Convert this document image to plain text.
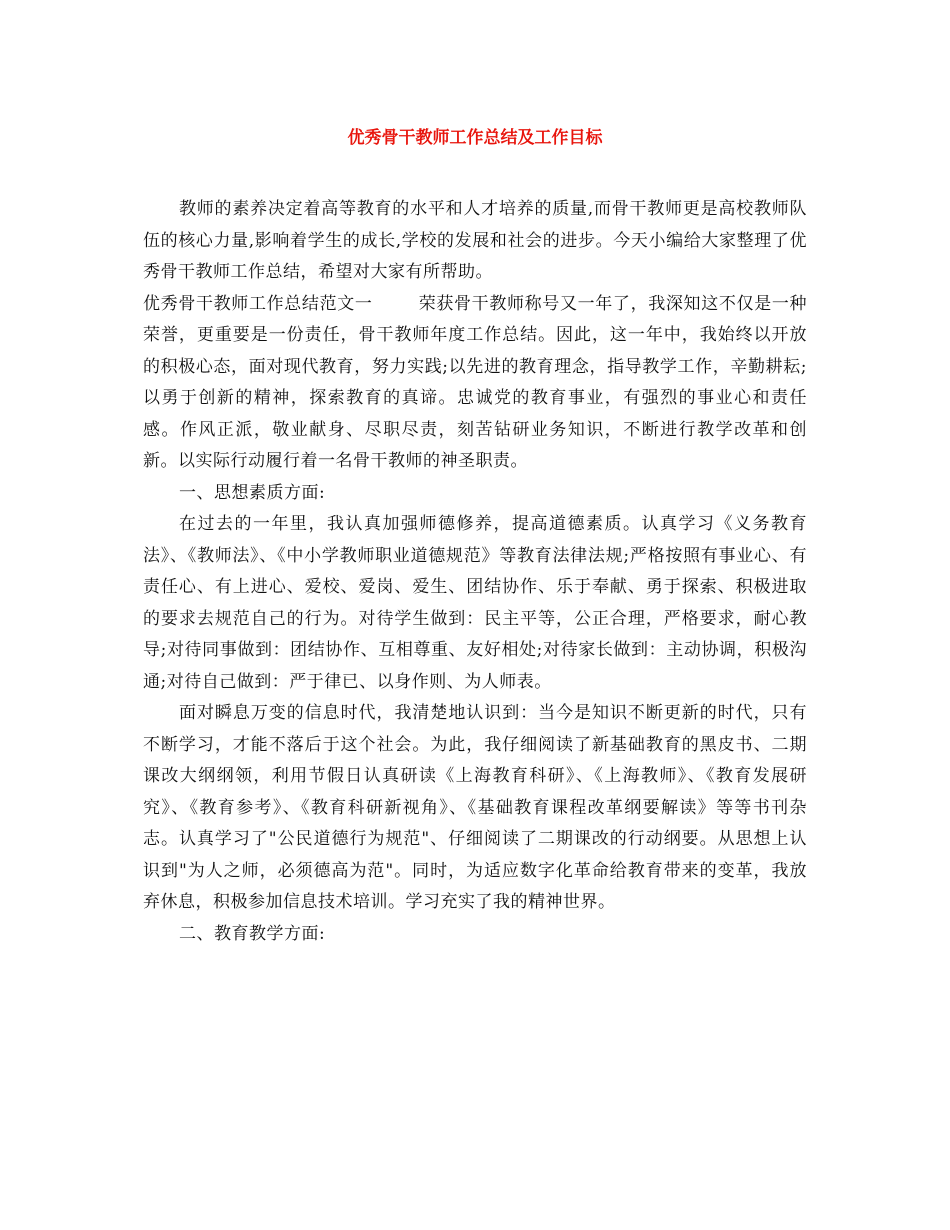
优秀骨干教师工作总结及工作目标

教师的素养决定着高等教育的水平和人才培养的质量,而骨干教师更是高校教师队伍的核心力量,影响着学生的成长,学校的发展和社会的进步。今天小编给大家整理了优秀骨干教师工作总结，希望对大家有所帮助。

优秀骨干教师工作总结范文一	荣获骨干教师称号又一年了，我深知这不仅是一种荣誉，更重要是一份责任，骨干教师年度工作总结。因此，这一年中，我始终以开放的积极心态，面对现代教育，努力实践;以先进的教育理念，指导教学工作，辛勤耕耘;以勇于创新的精神，探索教育的真谛。忠诚党的教育事业，有强烈的事业心和责任感。作风正派，敬业献身、尽职尽责，刻苦钻研业务知识，不断进行教学改革和创新。以实际行动履行着一名骨干教师的神圣职责。

一、思想素质方面:

在过去的一年里，我认真加强师德修养，提高道德素质。认真学习《义务教育法》、《教师法》、《中小学教师职业道德规范》等教育法律法规;严格按照有事业心、有责任心、有上进心、爱校、爱岗、爱生、团结协作、乐于奉献、勇于探索、积极进取的要求去规范自己的行为。对待学生做到：民主平等，公正合理，严格要求，耐心教导;对待同事做到：团结协作、互相尊重、友好相处;对待家长做到：主动协调，积极沟通;对待自己做到：严于律已、以身作则、为人师表。

面对瞬息万变的信息时代，我清楚地认识到：当今是知识不断更新的时代，只有不断学习，才能不落后于这个社会。为此，我仔细阅读了新基础教育的黑皮书、二期课改大纲纲领，利用节假日认真研读《上海教育科研》、《上海教师》、《教育发展研究》、《教育参考》、《教育科研新视角》、《基础教育课程改革纲要解读》等等书刊杂志。认真学习了"公民道德行为规范"、仔细阅读了二期课改的行动纲要。从思想上认识到"为人之师，必须德高为范"。同时，为适应数字化革命给教育带来的变革，我放弃休息，积极参加信息技术培训。学习充实了我的精神世界。

二、教育教学方面:
